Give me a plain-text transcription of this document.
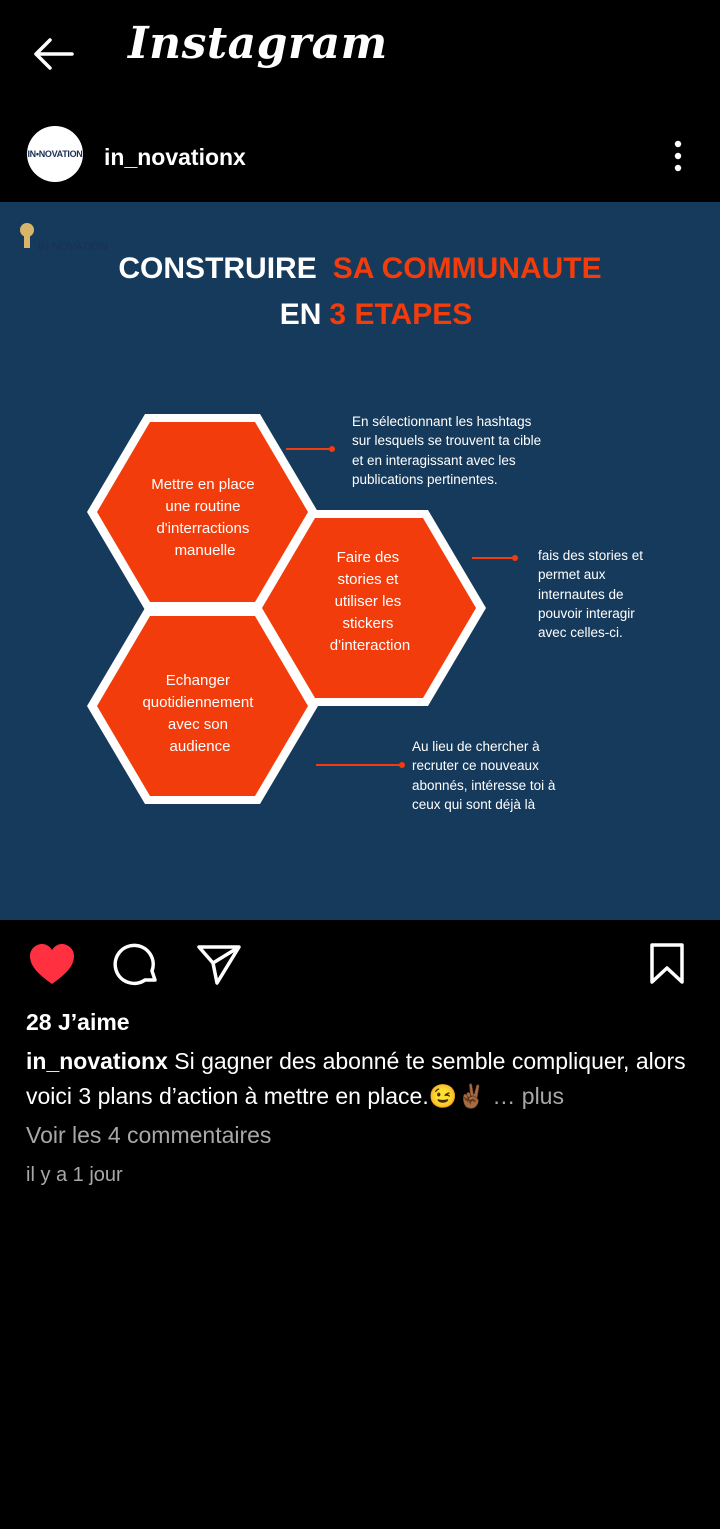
Instagram
IN•NOVATION in_novationx
IN NOVATION
CONSTRUIRE SA COMMUNAUTE
EN 3 ETAPES
Mettre en place une routine d'interractions manuelle	Faire des stories et utiliser les stickers d'interaction
Echanger quotidiennement avec son audience
En sélectionnant les hashtags sur lesquels se trouvent ta cible et en interagissant avec les publications pertinentes.
fais des stories et permet aux internautes de pouvoir interagir avec celles-ci.
Au lieu de chercher à recruter ce nouveaux abonnés, intéresse toi à ceux qui sont déjà là
28 J’aime
in_novationx Si gagner des abonné te semble compliquer, alors voici 3 plans d’action à mettre en place.😉✌🏾 … plus
Voir les 4 commentaires
il y a 1 jour
